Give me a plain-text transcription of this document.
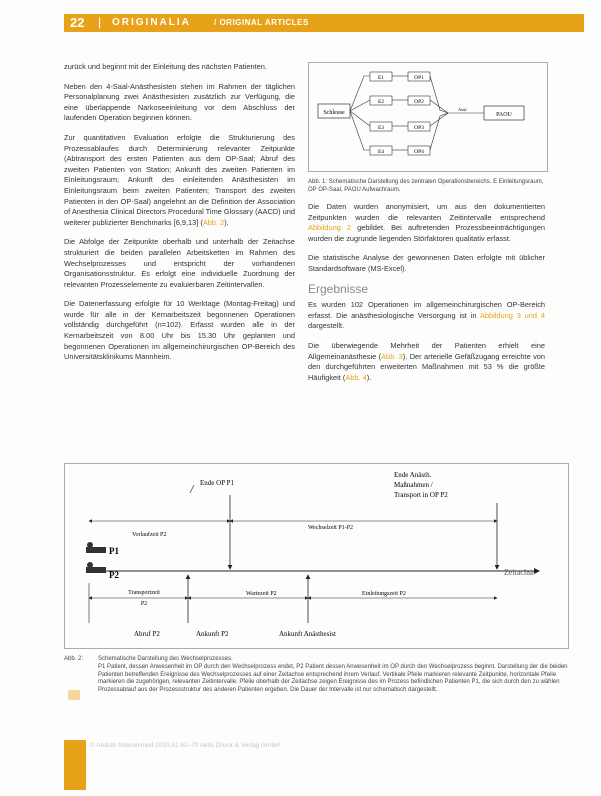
22 | ORIGINALIA	/ ORIGINAL ARTICLES

zurück und beginnt mit der Einleitung des nächsten Patienten.

Neben den 4-Saal-Anästhesisten stehen im Rahmen der täglichen Personalplanung zwei Anästhesisten zusätzlich zur Verfügung, die eine überlappende Narkoseeinleitung vor dem Abschluss der laufenden Operation beginnen können.

Zur quantitativen Evaluation erfolgte die Strukturierung des Prozessablaufes durch Determinierung relevanter Zeitpunkte (Abtransport des ersten Patienten aus dem OP-Saal; Abruf des zweiten Patienten von Station; Ankunft des zweiten Patienten im Einleitungsraum; Ankunft des einleitenden Anästhesisten im Einleitungsraum beim zweiten Patienten; Transport des zweiten Patienten in den OP-Saal) angelehnt an die Definition der Association of Anesthesia Clinical Directors Procedural Time Glossary (AACD) und weiterer publizierter Benchmarks [6,9,13] (Abb. 2).

Die Abfolge der Zeitpunkte oberhalb und unterhalb der Zeitachse strukturiert die beiden parallelen Arbeitsketten im Rahmen des Wechselprozesses und entspricht der vorhandenen Organisationsstruktur. Es erfolgt eine individuelle Zuordnung der relevanten Prozesselemente zu evaluierbaren Zeitintervallen.

Die Datenerfassung erfolgte für 10 Werktage (Montag-Freitag) und wurde für alle in der Kernarbeitszeit begonnenen Operationen vollständig durchgeführt (n=102). Erfasst wurden alle in der Kernarbeitszeit von 8.00 Uhr bis 15.30 Uhr geplanten und begonnenen Operationen im allgemeinchirurgischen OP-Bereich des Universitätsklinikums Mannheim.

Schleuse
E1
E2
E3
E4
OP1
OP2
OP3
OP4
Ausl.
PAOU
Abb. 1: Schematische Darstellung des zentralen Operationsbereichs. E Einleitungsraum, OP OP-Saal, PAOU Aufwachraum.

Die Daten wurden anonymisiert, um aus den dokumentierten Zeitpunkten wurden die relevanten Zeitintervalle entsprechend Abbildung 2 gebildet. Bei auftretenden Prozessbeeinträchtigungen wurden die zugrunde liegenden Störfaktoren qualitativ erfasst.

Die statistische Analyse der gewonnenen Daten erfolgte mit üblicher Standardsoftware (MS-Excel).

Ergebnisse

Es wurden 102 Operationen im allgemeinchirurgischen OP-Bereich erfasst. Die anästhesiologische Versorgung ist in Abbildung 3 und 4 dargestellt.

Die überwiegende Mehrheit der Patienten erhielt eine Allgemeinanästhesie (Abb. 3). Der arterielle Gefäßzugang erreichte von den durchgeführten erweiterten Maßnahmen mit 53 % die größte Häufigkeit (Abb. 4).

Ende OP P1
Ende Anästh.
Maßnahmen /
Transport in OP P2
Vorlaufzeit P2
Wechselzeit P1-P2
Zeitachse
P1
P2
Transportzeit
P2
Wartezeit P2	Einleitungszeit P2
Abruf P2	Ankunft P2	Ankunft Anästhesist
Abb. 2: Schematische Darstellung des Wechselprozesses.
P1 Patient, dessen Anwesenheit im OP durch den Wechselprozess endet, P2 Patient dessen Anwesenheit im OP durch den Wechselprozess beginnt. Darstellung der die beiden Patienten betreffenden Ereignisse des Wechselprozesses auf einer Zeitachse entsprechend ihrem Verlauf. Vertikale Pfeile markieren relevante Zeitpunkte, horizontale Pfeile markieren die zugehörigen, relevanten Zeitintervalle. Pfeile oberhalb der Zeitachse zeigen Ereignisse des im Prozess befindlichen Patienten P1, die sich durch den zu wählen Prozessablauf aus der Prozessstruktur des anderen Patienten ergeben. Die Dauer der Intervalle ist nur schematisch dargestellt.
© Anästh Intensivmed 2010;51:62–70 Aktiv Druck & Verlag GmbH
